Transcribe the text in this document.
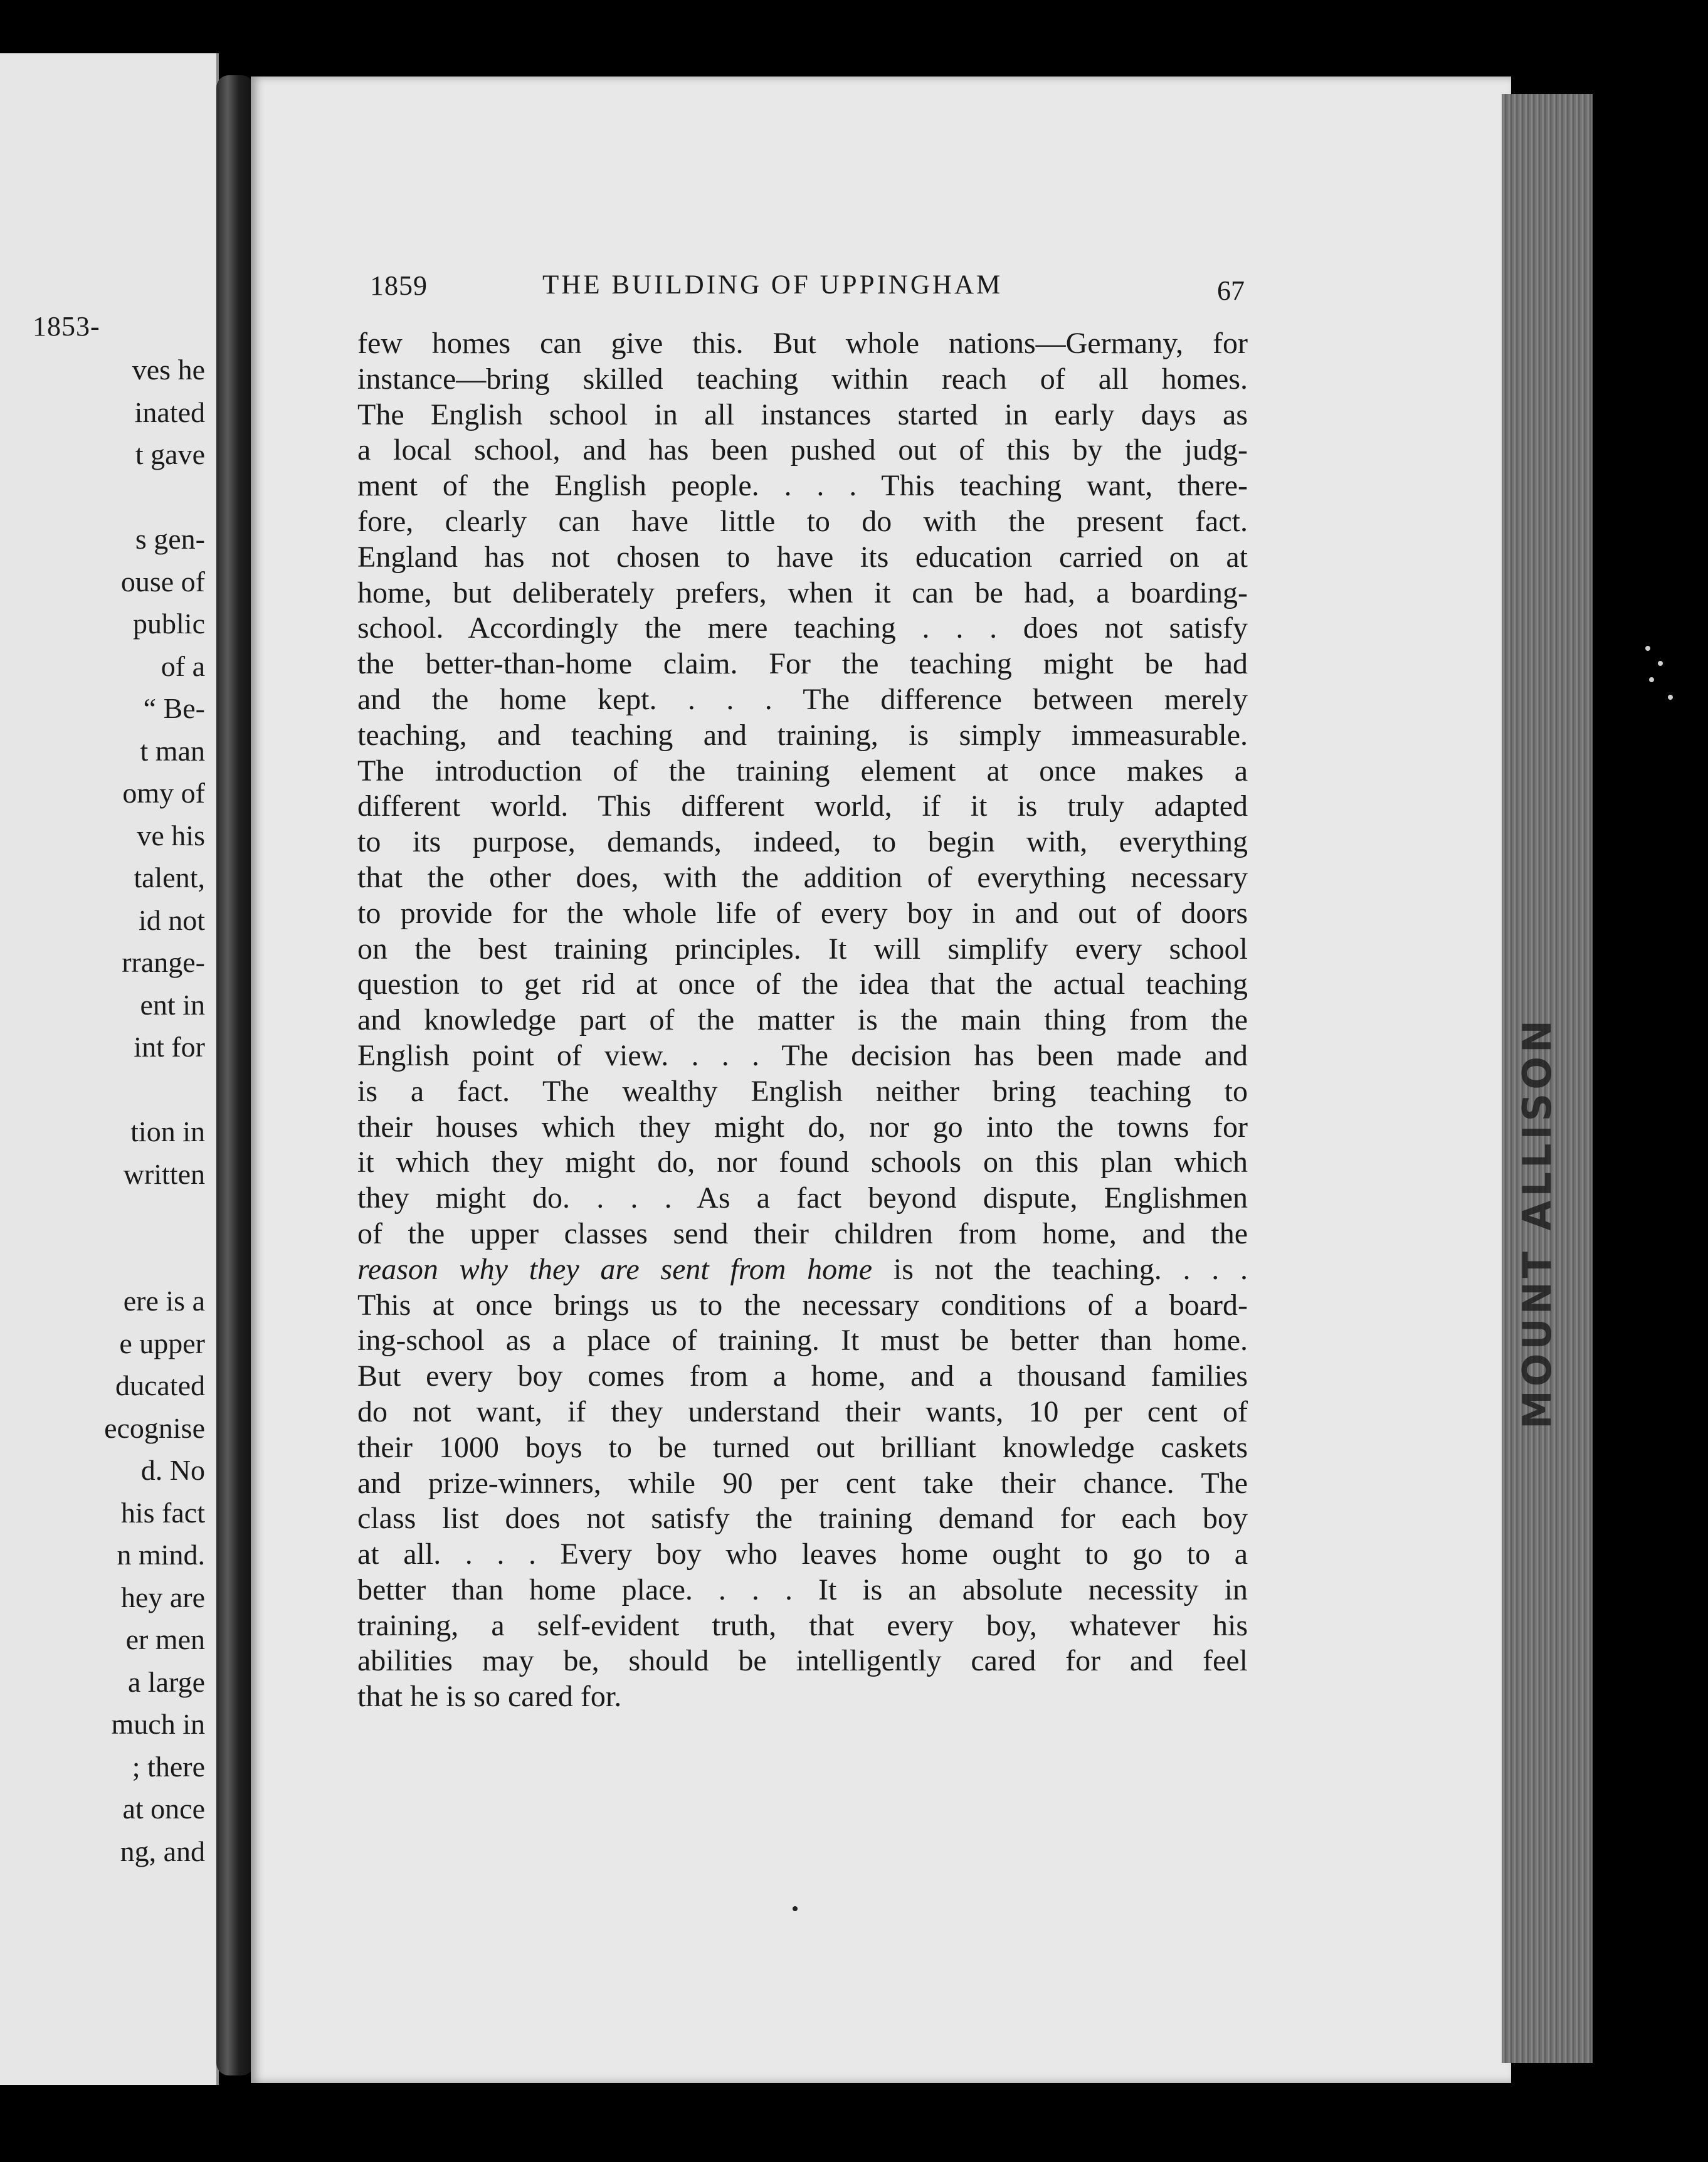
1853-
ves he
inated
t gave
s gen-
ouse of
public
of a
“ Be-
t man
omy of
ve his
talent,
id not
rrange-
ent in
int for
tion in
written
ere is a
e upper
ducated
ecognise
d. No
his fact
n mind.
hey are
er men
a large
much in
; there
at once
ng, and
MOUNT ALLISON
1859	THE BUILDING OF UPPINGHAM	67
few homes can give this. But whole nations—Germany, for
instance—bring skilled teaching within reach of all homes.
The English school in all instances started in early days as
a local school, and has been pushed out of this by the judg-
ment of the English people. . . . This teaching want, there-
fore, clearly can have little to do with the present fact.
England has not chosen to have its education carried on at
home, but deliberately prefers, when it can be had, a boarding-
school. Accordingly the mere teaching . . . does not satisfy
the better-than-home claim. For the teaching might be had
and the home kept. . . . The difference between merely
teaching, and teaching and training, is simply immeasurable.
The introduction of the training element at once makes a
different world. This different world, if it is truly adapted
to its purpose, demands, indeed, to begin with, everything
that the other does, with the addition of everything necessary
to provide for the whole life of every boy in and out of doors
on the best training principles. It will simplify every school
question to get rid at once of the idea that the actual teaching
and knowledge part of the matter is the main thing from the
English point of view. . . . The decision has been made and
is a fact. The wealthy English neither bring teaching to
their houses which they might do, nor go into the towns for
it which they might do, nor found schools on this plan which
they might do. . . . As a fact beyond dispute, Englishmen
of the upper classes send their children from home, and the
reason why they are sent from home is not the teaching. . . .
This at once brings us to the necessary conditions of a board-
ing-school as a place of training. It must be better than home.
But every boy comes from a home, and a thousand families
do not want, if they understand their wants, 10 per cent of
their 1000 boys to be turned out brilliant knowledge caskets
and prize-winners, while 90 per cent take their chance. The
class list does not satisfy the training demand for each boy
at all. . . . Every boy who leaves home ought to go to a
better than home place. . . . It is an absolute necessity in
training, a self-evident truth, that every boy, whatever his
abilities may be, should be intelligently cared for and feel
that he is so cared for.
